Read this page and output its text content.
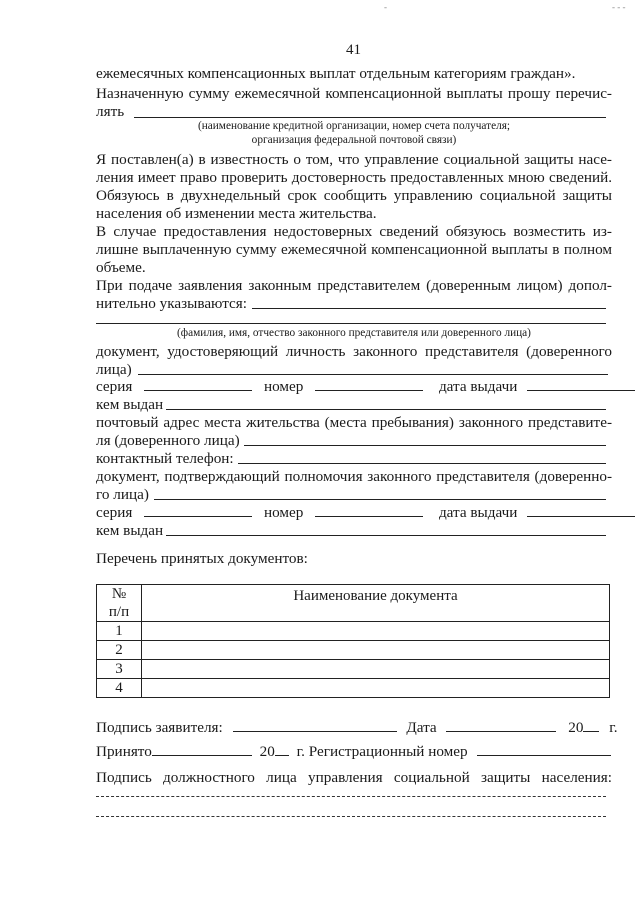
-	- - -
41
ежемесячных компенсационных выплат отдельным категориям граждан».
Назначенную сумму ежемесячной компенсационной выплаты прошу перечис-
лять
(наименование кредитной организации, номер счета получателя;
организация федеральной почтовой связи)
Я поставлен(а) в известность о том, что управление социальной защиты насе-
ления имеет право проверить достоверность предоставленных мною сведений.
Обязуюсь в двухнедельный срок сообщить управлению социальной защиты
населения об изменении места жительства.
В случае предоставления недостоверных сведений обязуюсь возместить из-
лишне выплаченную сумму ежемесячной компенсационной выплаты в полном
объеме.
При подаче заявления законным представителем (доверенным лицом) допол-
нительно указываются:
(фамилия, имя, отчество законного представителя или доверенного лица)
документ, удостоверяющий личность законного представителя (доверенного
лица)
серия	номер	дата выдачи
кем выдан
почтовый адрес места жительства (места пребывания) законного представите-
ля (доверенного лица)
контактный телефон:
документ, подтверждающий полномочия законного представителя (доверенно-
го лица)
серия	номер	дата выдачи
кем выдан
Перечень принятых документов:
№
п/п	Наименование документа
1	
2	
3	
4	
Подпись заявителя:	Дата	20 г.
Принято	20 г. Регистрационный номер
Подпись должностного лица управления социальной защиты населения:
